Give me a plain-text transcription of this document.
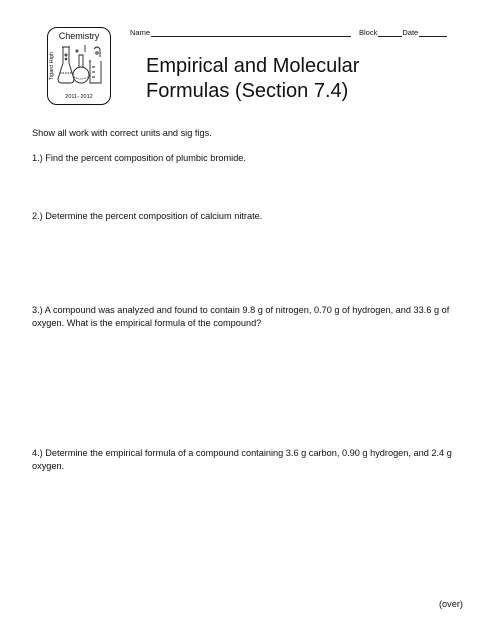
Name	Block	Date
Chemistry
Tigard High
2011- 2012
Empirical and Molecular
Formulas (Section 7.4)

Show all work with correct units and sig figs.

1.) Find the percent composition of plumbic bromide.

2.) Determine the percent composition of calcium nitrate.

3.) A compound was analyzed and found to contain 9.8 g of nitrogen, 0.70 g of hydrogen, and 33.6 g of oxygen. What is the empirical formula of the compound?

4.) Determine the empirical formula of a compound containing 3.6 g carbon, 0.90 g hydrogen, and 2.4 g oxygen.

(over)
